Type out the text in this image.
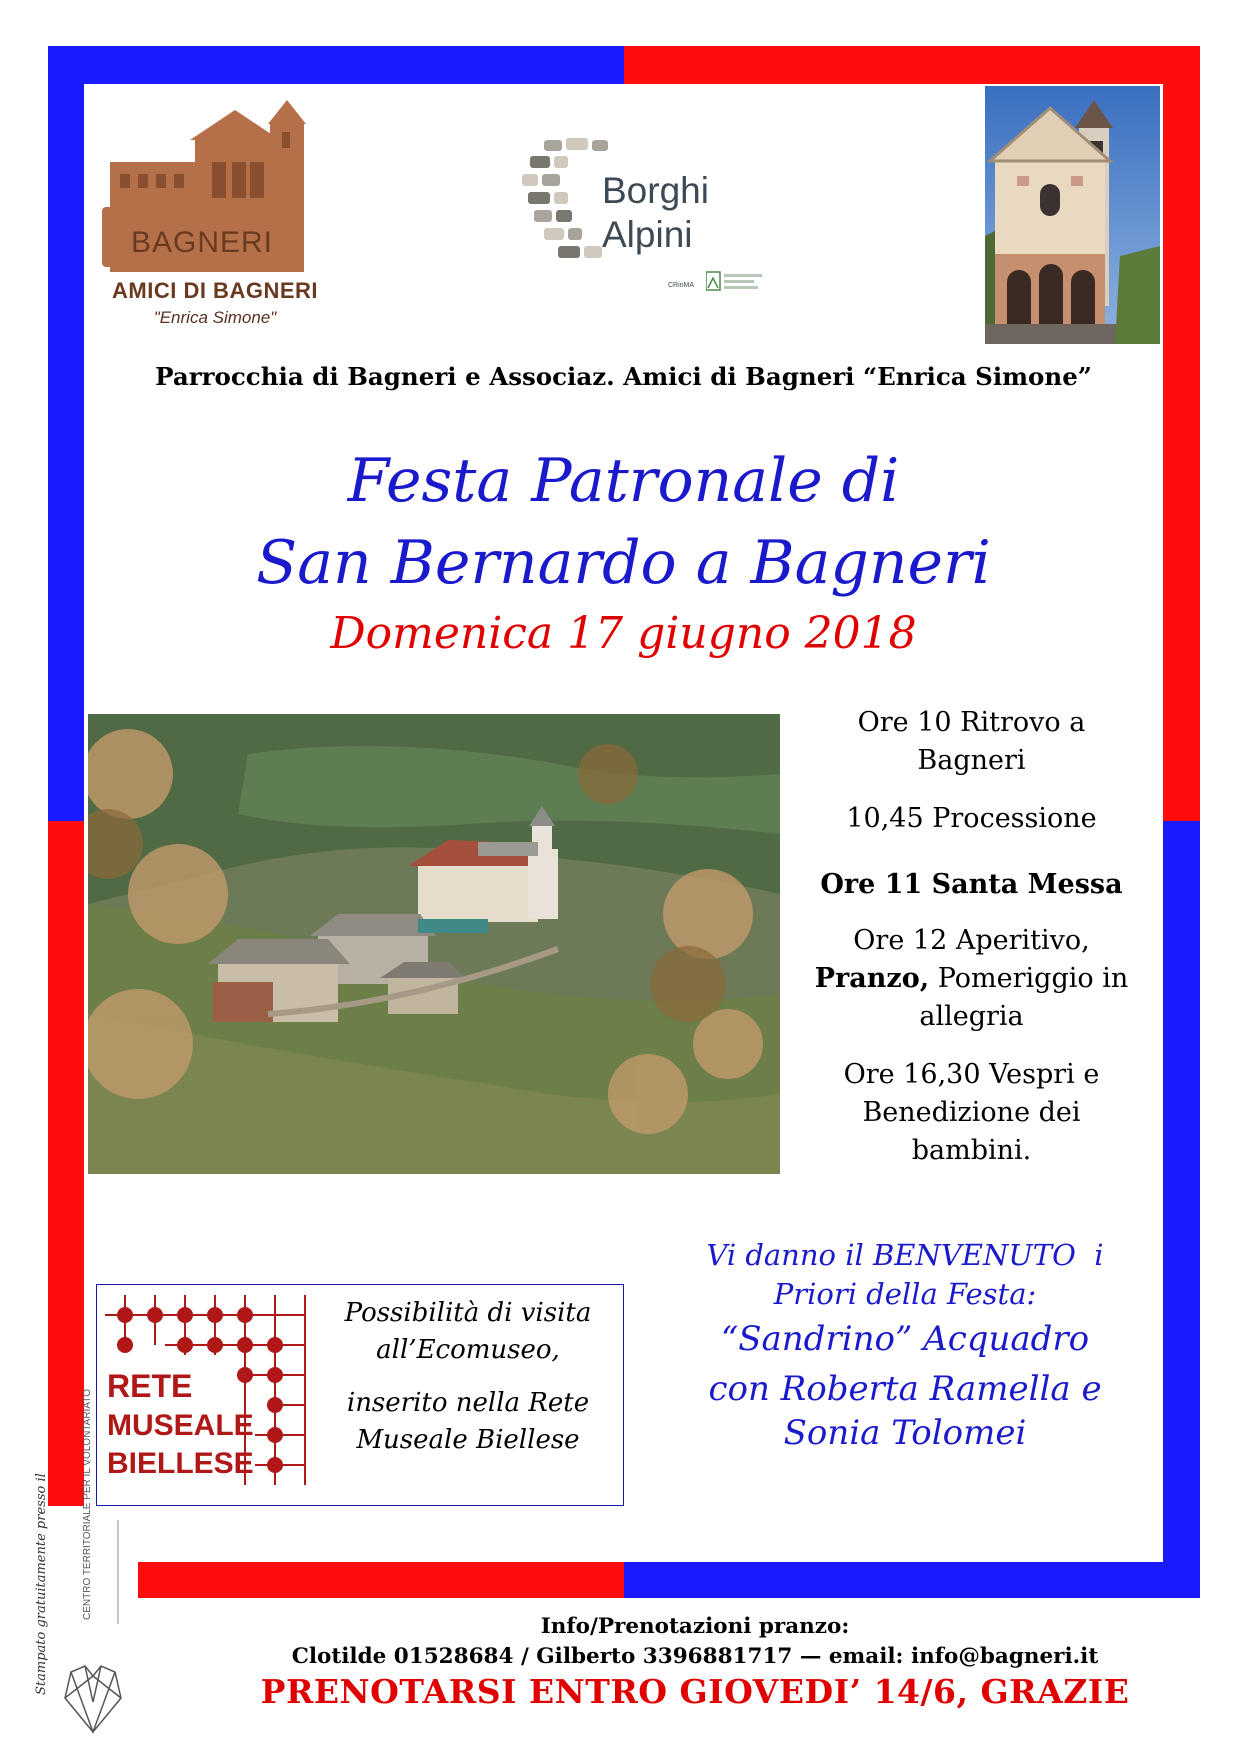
BAGNERI
AMICI DI BAGNERI
"Enrica Simone"
Borghi
Alpini
CRinMA
Parrocchia di Bagneri e Associaz. Amici di Bagneri “Enrica Simone”
Festa Patronale di
San Bernardo a Bagneri
Domenica 17 giugno 2018
Ore 10 Ritrovo a
Bagneri
10,45 Processione
Ore 11 Santa Messa
Ore 12 Aperitivo,
Pranzo, Pomeriggio in
allegria
Ore 16,30 Vespri e
Benedizione dei
bambini.
RETE
MUSEALE
BIELLESE
Possibilità di visita
all’Ecomuseo,
inserito nella Rete
Museale Biellese
Vi danno il BENVENUTO  i
Priori della Festa:
“Sandrino” Acquadro
con Roberta Ramella e
Sonia Tolomei
Stampato gratuitamente presso il	CENTRO TERRITORIALE PER IL VOLONTARIATO
Info/Prenotazioni pranzo:
Clotilde 01528684 / Gilberto 3396881717 — email: info@bagneri.it
PRENOTARSI ENTRO GIOVEDI’ 14/6, GRAZIE
